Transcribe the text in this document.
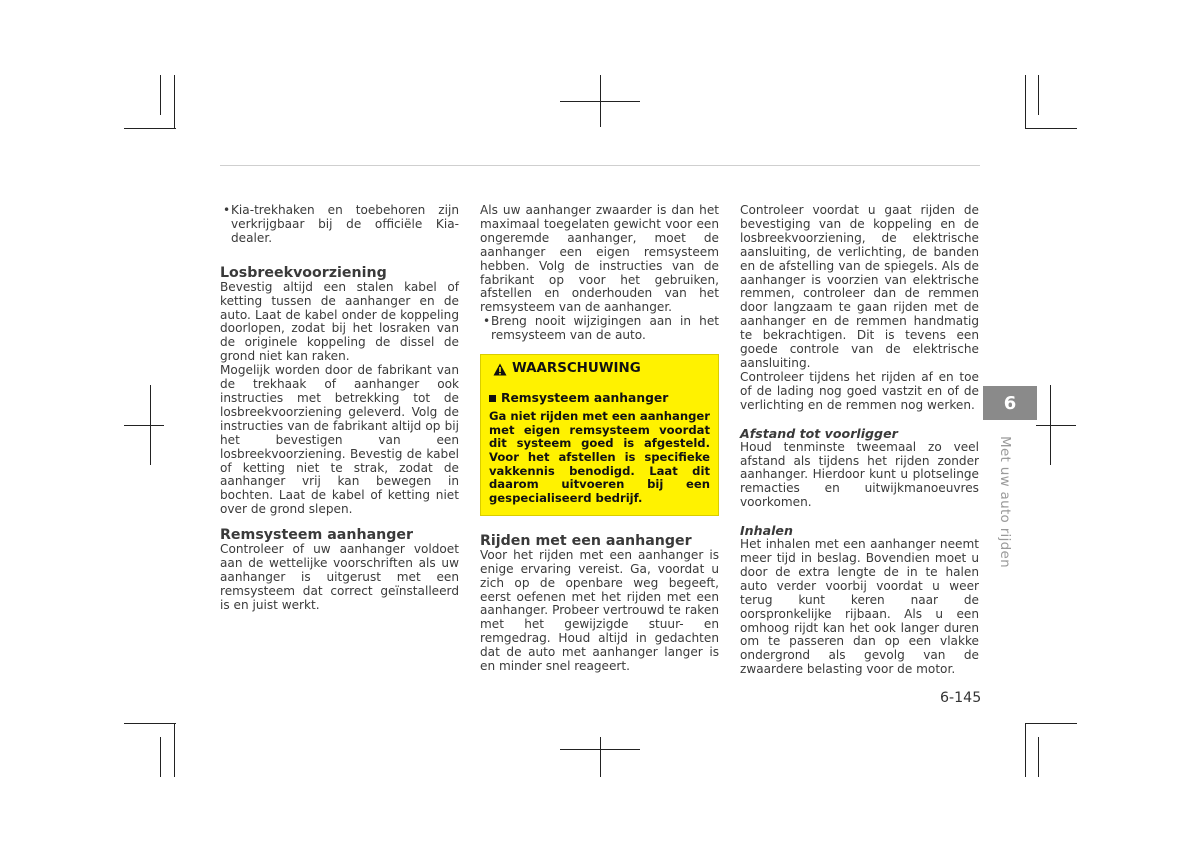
• Kia-trekhaken en toebehoren zijn verkrijgbaar bij de officiële Kia-dealer.
Losbreekvoorziening

Bevestig altijd een stalen kabel of ketting tussen de aanhanger en de auto. Laat de kabel onder de koppeling doorlopen, zodat bij het losraken van de originele koppeling de dissel de grond niet kan raken.

Mogelijk worden door de fabrikant van de trekhaak of aanhanger ook instructies met betrekking tot de losbreekvoorziening geleverd. Volg de instructies van de fabrikant altijd op bij het bevestigen van een losbreekvoorziening. Bevestig de kabel of ketting niet te strak, zodat de aanhanger vrij kan bewegen in bochten. Laat de kabel of ketting niet over de grond slepen.

Remsysteem aanhanger

Controleer of uw aanhanger voldoet aan de wettelijke voorschriften als uw aanhanger is uitgerust met een remsysteem dat correct geïnstalleerd is en juist werkt.

Als uw aanhanger zwaarder is dan het maximaal toegelaten gewicht voor een ongeremde aanhanger, moet de aanhanger een eigen remsysteem hebben. Volg de instructies van de fabrikant op voor het gebruiken, afstellen en onderhouden van het remsysteem van de aanhanger.

• Breng nooit wijzigingen aan in het remsysteem van de auto.
WAARSCHUWING
Remsysteem aanhanger
Ga niet rijden met een aanhanger met eigen remsysteem voordat dit systeem goed is afgesteld. Voor het afstellen is specifieke vakkennis benodigd. Laat dit daarom uitvoeren bij een gespecialiseerd bedrijf.
Rijden met een aanhanger

Voor het rijden met een aanhanger is enige ervaring vereist. Ga, voordat u zich op de openbare weg begeeft, eerst oefenen met het rijden met een aanhanger. Probeer vertrouwd te raken met het gewijzigde stuur- en remgedrag. Houd altijd in gedachten dat de auto met aanhanger langer is en minder snel reageert.

Controleer voordat u gaat rijden de bevestiging van de koppeling en de losbreekvoorziening, de elektrische aansluiting, de verlichting, de banden en de afstelling van de spiegels. Als de aanhanger is voorzien van elektrische remmen, controleer dan de remmen door langzaam te gaan rijden met de aanhanger en de remmen handmatig te bekrachtigen. Dit is tevens een goede controle van de elektrische aansluiting.

Controleer tijdens het rijden af en toe of de lading nog goed vastzit en of de verlichting en de remmen nog werken.

Afstand tot voorligger

Houd tenminste tweemaal zo veel afstand als tijdens het rijden zonder aanhanger. Hierdoor kunt u plotselinge remacties en uitwijkmanoeuvres voorkomen.

Inhalen

Het inhalen met een aanhanger neemt meer tijd in beslag. Bovendien moet u door de extra lengte de in te halen auto verder voorbij voordat u weer terug kunt keren naar de oorspronkelijke rijbaan. Als u een omhoog rijdt kan het ook langer duren om te passeren dan op een vlakke ondergrond als gevolg van de zwaardere belasting voor de motor.

6
Met uw auto rijden
6-145
